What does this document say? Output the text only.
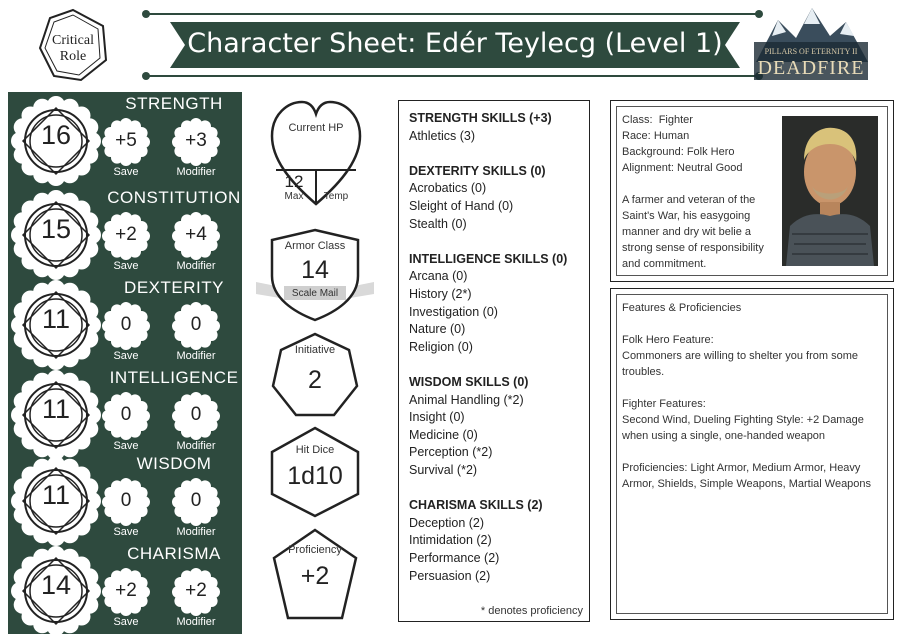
Critical
Role	Character Sheet: Edér Teylecg (Level 1)	PILLARS OF ETERNITY II
DEADFIRE
16
STRENGTH
+5
Save
+3
Modifier
15
CONSTITUTION
+2
Save
+4
Modifier
11
DEXTERITY
0
Save
0
Modifier
11
INTELLIGENCE
0
Save
0
Modifier
11
WISDOM
0
Save
0
Modifier
14
CHARISMA
+2
Save
+2
Modifier
Current HP
12
Max	Temp
Armor Class
14
Scale Mail
Initiative
2
Hit Dice
1d10
Proficiency
+2
STRENGTH SKILLS (+3)
Athletics (3)
DEXTERITY SKILLS (0)
Acrobatics (0)
Sleight of Hand (0)
Stealth (0)
INTELLIGENCE SKILLS (0)
Arcana (0)
History (2*)
Investigation (0)
Nature (0)
Religion (0)
WISDOM SKILLS (0)
Animal Handling (*2)
Insight (0)
Medicine (0)
Perception (*2)
Survival (*2)
CHARISMA SKILLS (2)
Deception (2)
Intimidation (2)
Performance (2)
Persuasion (2)
* denotes proficiency
Class: Fighter
Race: Human
Background: Folk Hero
Alignment: Neutral Good
A farmer and veteran of the Saint's War, his easygoing manner and dry wit belie a strong sense of responsibility and commitment.
Features & Proficiencies
Folk Hero Feature:
Commoners are willing to shelter you from some troubles.
Fighter Features:
Second Wind, Dueling Fighting Style: +2 Damage when using a single, one-handed weapon
Proficiencies: Light Armor, Medium Armor, Heavy Armor, Shields, Simple Weapons, Martial Weapons
